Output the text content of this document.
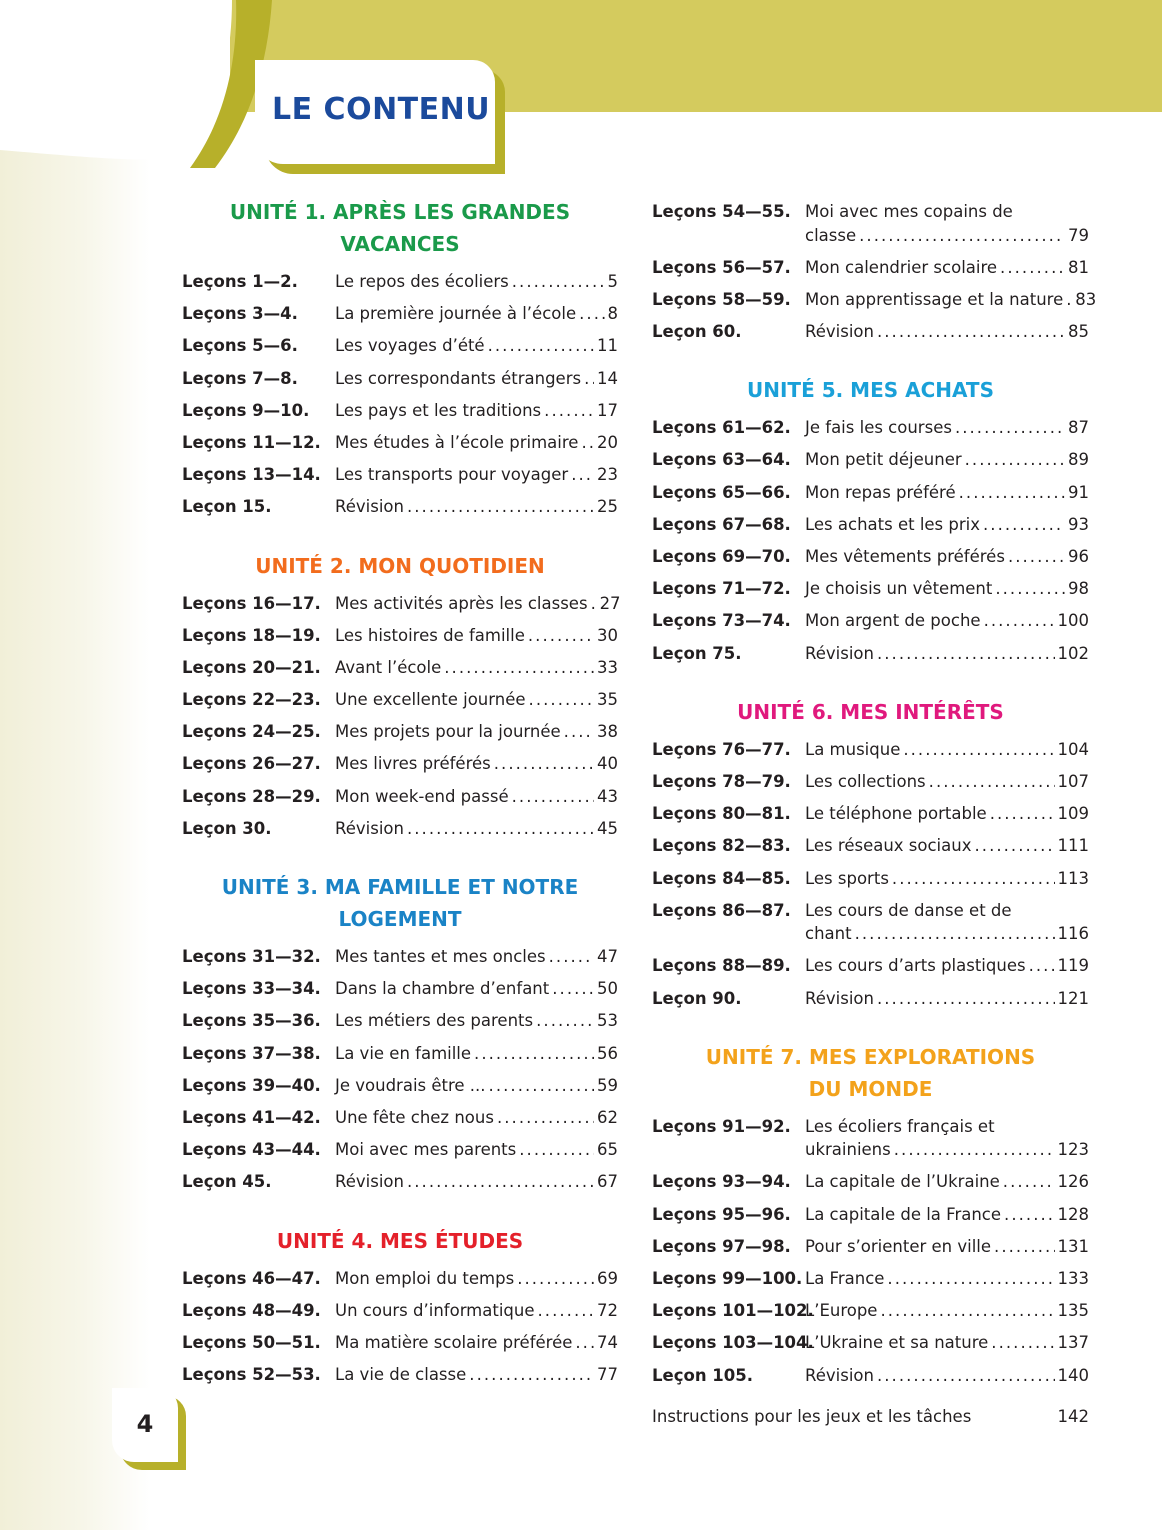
LE CONTENU
UNITÉ 1. APRÈS LES GRANDES
VACANCES
Leçons 1—2.	Le repos des écoliers . . .	5
Leçons 3—4.	La première journée à l’école . . . 8
Leçons 5—6.	Les voyages d’été . . .	11
Leçons 7—8.	Les correspondants étrangers . . . 14
Leçons 9—10.	Les pays et les traditions . . .	17
Leçons 11—12. Mes études à l’école primaire . . . 20
Leçons 13—14. Les transports pour voyager . . . 23
Leçon 15.	Révision . . .	25
UNITÉ 2. MON QUOTIDIEN
Leçons 16—17. Mes activités après les classes . . . 27
Leçons 18—19. Les histoires de famille . . .	30
Leçons 20—21. Avant l’école . . .	33
Leçons 22—23. Une excellente journée . . .	35
Leçons 24—25. Mes projets pour la journée . . . 38
Leçons 26—27. Mes livres préférés . . .	40
Leçons 28—29. Mon week-end passé . . .	43
Leçon 30.	Révision . . .	45
UNITÉ 3. MA FAMILLE ET NOTRE
LOGEMENT
Leçons 31—32. Mes tantes et mes oncles . . .	47
Leçons 33—34. Dans la chambre d’enfant . . .	50
Leçons 35—36. Les métiers des parents . . .	53
Leçons 37—38. La vie en famille . . .	56
Leçons 39—40. Je voudrais être ... . . .	59
Leçons 41—42. Une fête chez nous . . .	62
Leçons 43—44. Moi avec mes parents . . .	65
Leçon 45.	Révision . . .	67
UNITÉ 4. MES ÉTUDES
Leçons 46—47. Mon emploi du temps . . .	69
Leçons 48—49. Un cours d’informatique . . .	72
Leçons 50—51. Ma matière scolaire préférée . . . 74
Leçons 52—53. La vie de classe . . .	77
Leçons 54—55. Moi avec mes copains de
classe . . .	79
Leçons 56—57. Mon calendrier scolaire . . .	81
Leçons 58—59. Mon apprentissage et la nature . . . 83
Leçon 60.	Révision . . .	85
UNITÉ 5. MES ACHATS
Leçons 61—62. Je fais les courses . . .	87
Leçons 63—64. Mon petit déjeuner . . .	89
Leçons 65—66. Mon repas préféré . . .	91
Leçons 67—68. Les achats et les prix . . .	93
Leçons 69—70. Mes vêtements préférés . . .	96
Leçons 71—72. Je choisis un vêtement . . .	98
Leçons 73—74. Mon argent de poche . . .	100
Leçon 75.	Révision . . .	102
UNITÉ 6. MES INTÉRÊTS
Leçons 76—77. La musique . . .	104
Leçons 78—79. Les collections . . .	107
Leçons 80—81. Le téléphone portable . . .	109
Leçons 82—83. Les réseaux sociaux . . .	111
Leçons 84—85. Les sports . . .	113
Leçons 86—87. Les cours de danse et de
chant . . .	116
Leçons 88—89. Les cours d’arts plastiques . . . 119
Leçon 90.	Révision . . .	121
UNITÉ 7. MES EXPLORATIONS
DU MONDE
Leçons 91—92. Les écoliers français et
ukrainiens . . .	123
Leçons 93—94. La capitale de l’Ukraine . . .	126
Leçons 95—96. La capitale de la France . . .	128
Leçons 97—98. Pour s’orienter en ville . . .	131
Leçons 99—100. La France . . .	133
Leçons 101—102.
L’Europe . . .	135
Leçons 103—104.
L’Ukraine et sa nature . . .	137
Leçon 105.	Révision . . .	140
Instructions pour les jeux et les tâches	142
4
